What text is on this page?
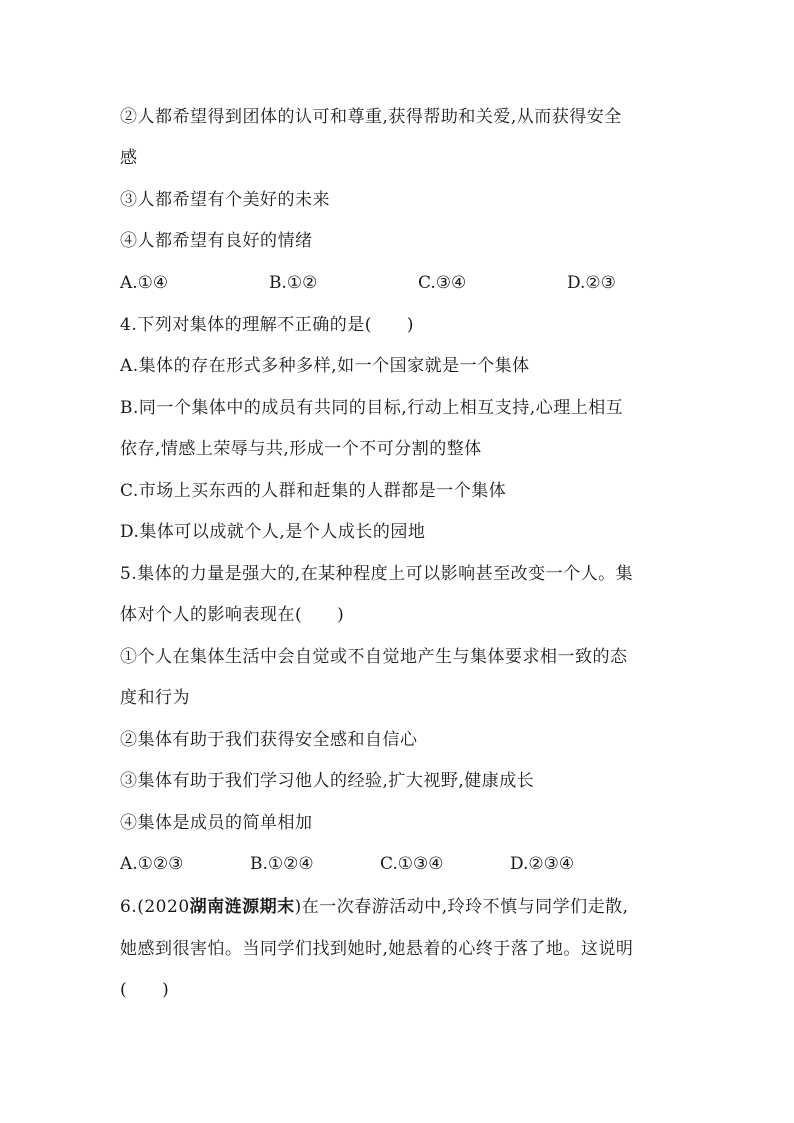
②人都希望得到团体的认可和尊重,获得帮助和关爱,从而获得安全
感
③人都希望有个美好的未来
④人都希望有良好的情绪
A.①④	B.①②	C.③④	D.②③
4.下列对集体的理解不正确的是(　　)
A.集体的存在形式多种多样,如一个国家就是一个集体
B.同一个集体中的成员有共同的目标,行动上相互支持,心理上相互
依存,情感上荣辱与共,形成一个不可分割的整体
C.市场上买东西的人群和赶集的人群都是一个集体
D.集体可以成就个人,是个人成长的园地
5.集体的力量是强大的,在某种程度上可以影响甚至改变一个人。集
体对个人的影响表现在(　　)
①个人在集体生活中会自觉或不自觉地产生与集体要求相一致的态
度和行为
②集体有助于我们获得安全感和自信心
③集体有助于我们学习他人的经验,扩大视野,健康成长
④集体是成员的简单相加
A.①②③	B.①②④	C.①③④	D.②③④
6.(2020湖南涟源期末)在一次春游活动中,玲玲不慎与同学们走散,
她感到很害怕。当同学们找到她时,她悬着的心终于落了地。这说明
(　　)
